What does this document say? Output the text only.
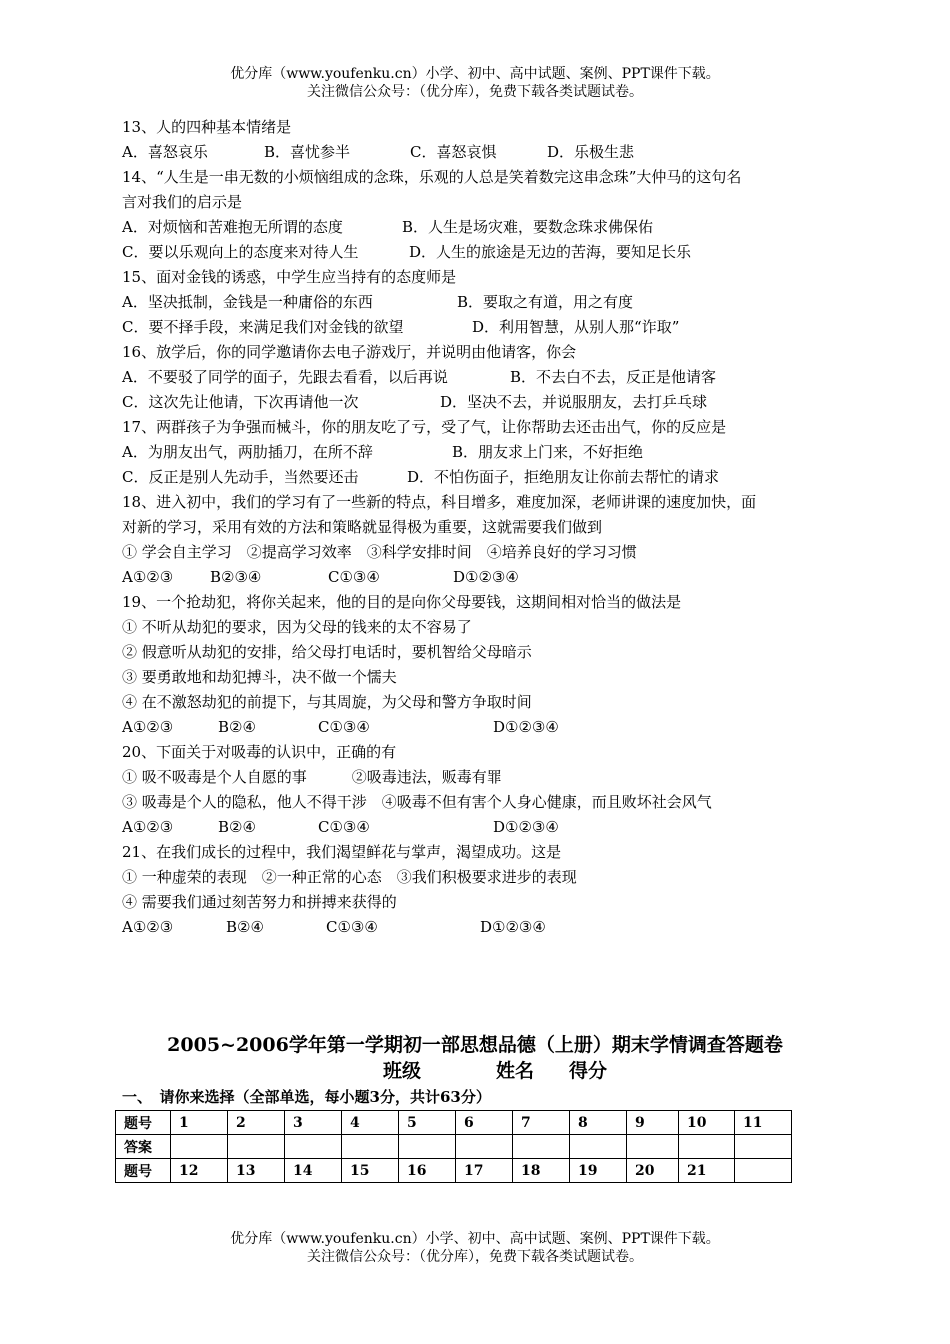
优分库（www.youfenku.cn）小学、初中、高中试题、案例、PPT课件下载。
关注微信公众号：（优分库），免费下载各类试题试卷。
13、人的四种基本情绪是
A．喜怒哀乐	B．喜忧参半	C．喜怒哀惧	D．乐极生悲
14、“人生是一串无数的小烦恼组成的念珠，乐观的人总是笑着数完这串念珠”大仲马的这句名
言对我们的启示是
A．对烦恼和苦难抱无所谓的态度	B．人生是场灾难，要数念珠求佛保佑
C．要以乐观向上的态度来对待人生	D．人生的旅途是无边的苦海，要知足长乐
15、面对金钱的诱惑，中学生应当持有的态度师是
A．坚决抵制，金钱是一种庸俗的东西	B．要取之有道，用之有度
C．要不择手段，来满足我们对金钱的欲望	D．利用智慧，从别人那“诈取”
16、放学后，你的同学邀请你去电子游戏厅，并说明由他请客，你会
A．不要驳了同学的面子，先跟去看看，以后再说	B．不去白不去，反正是他请客
C．这次先让他请，下次再请他一次	D．坚决不去，并说服朋友，去打乒乓球
17、两群孩子为争强而械斗，你的朋友吃了亏，受了气，让你帮助去还击出气，你的反应是
A．为朋友出气，两肋插刀，在所不辞	B．朋友求上门来，不好拒绝
C．反正是别人先动手，当然要还击	D．不怕伤面子，拒绝朋友让你前去帮忙的请求
18、进入初中，我们的学习有了一些新的特点，科目增多，难度加深，老师讲课的速度加快，面
对新的学习，采用有效的方法和策略就显得极为重要，这就需要我们做到
① 学会自主学习　②提高学习效率　③科学安排时间　④培养良好的学习习惯
A①②③	B②③④	C①③④	D①②③④
19、一个抢劫犯，将你关起来，他的目的是向你父母要钱，这期间相对恰当的做法是
① 不听从劫犯的要求，因为父母的钱来的太不容易了
② 假意听从劫犯的安排，给父母打电话时，要机智给父母暗示
③ 要勇敢地和劫犯搏斗，决不做一个懦夫
④ 在不激怒劫犯的前提下，与其周旋，为父母和警方争取时间
A①②③	B②④	C①③④	D①②③④
20、下面关于对吸毒的认识中，正确的有
① 吸不吸毒是个人自愿的事　　　②吸毒违法，贩毒有罪
③ 吸毒是个人的隐私，他人不得干涉　④吸毒不但有害个人身心健康，而且败坏社会风气
A①②③	B②④	C①③④	D①②③④
21、在我们成长的过程中，我们渴望鲜花与掌声，渴望成功。这是
① 一种虚荣的表现　②一种正常的心态　③我们积极要求进步的表现
④ 需要我们通过刻苦努力和拼搏来获得的
A①②③	B②④	C①③④	D①②③④
2005~2006学年第一学期初一部思想品德（上册）期末学情调查答题卷
班级	姓名 得分
一、　请你来选择（全部单选，每小题3分，共计63分）
题号	1	2	3	4	5	6	7	8	9	10	11
答案											
题号	12	13	14	15	16	17	18	19	20	21	
优分库（www.youfenku.cn）小学、初中、高中试题、案例、PPT课件下载。
关注微信公众号：（优分库），免费下载各类试题试卷。
